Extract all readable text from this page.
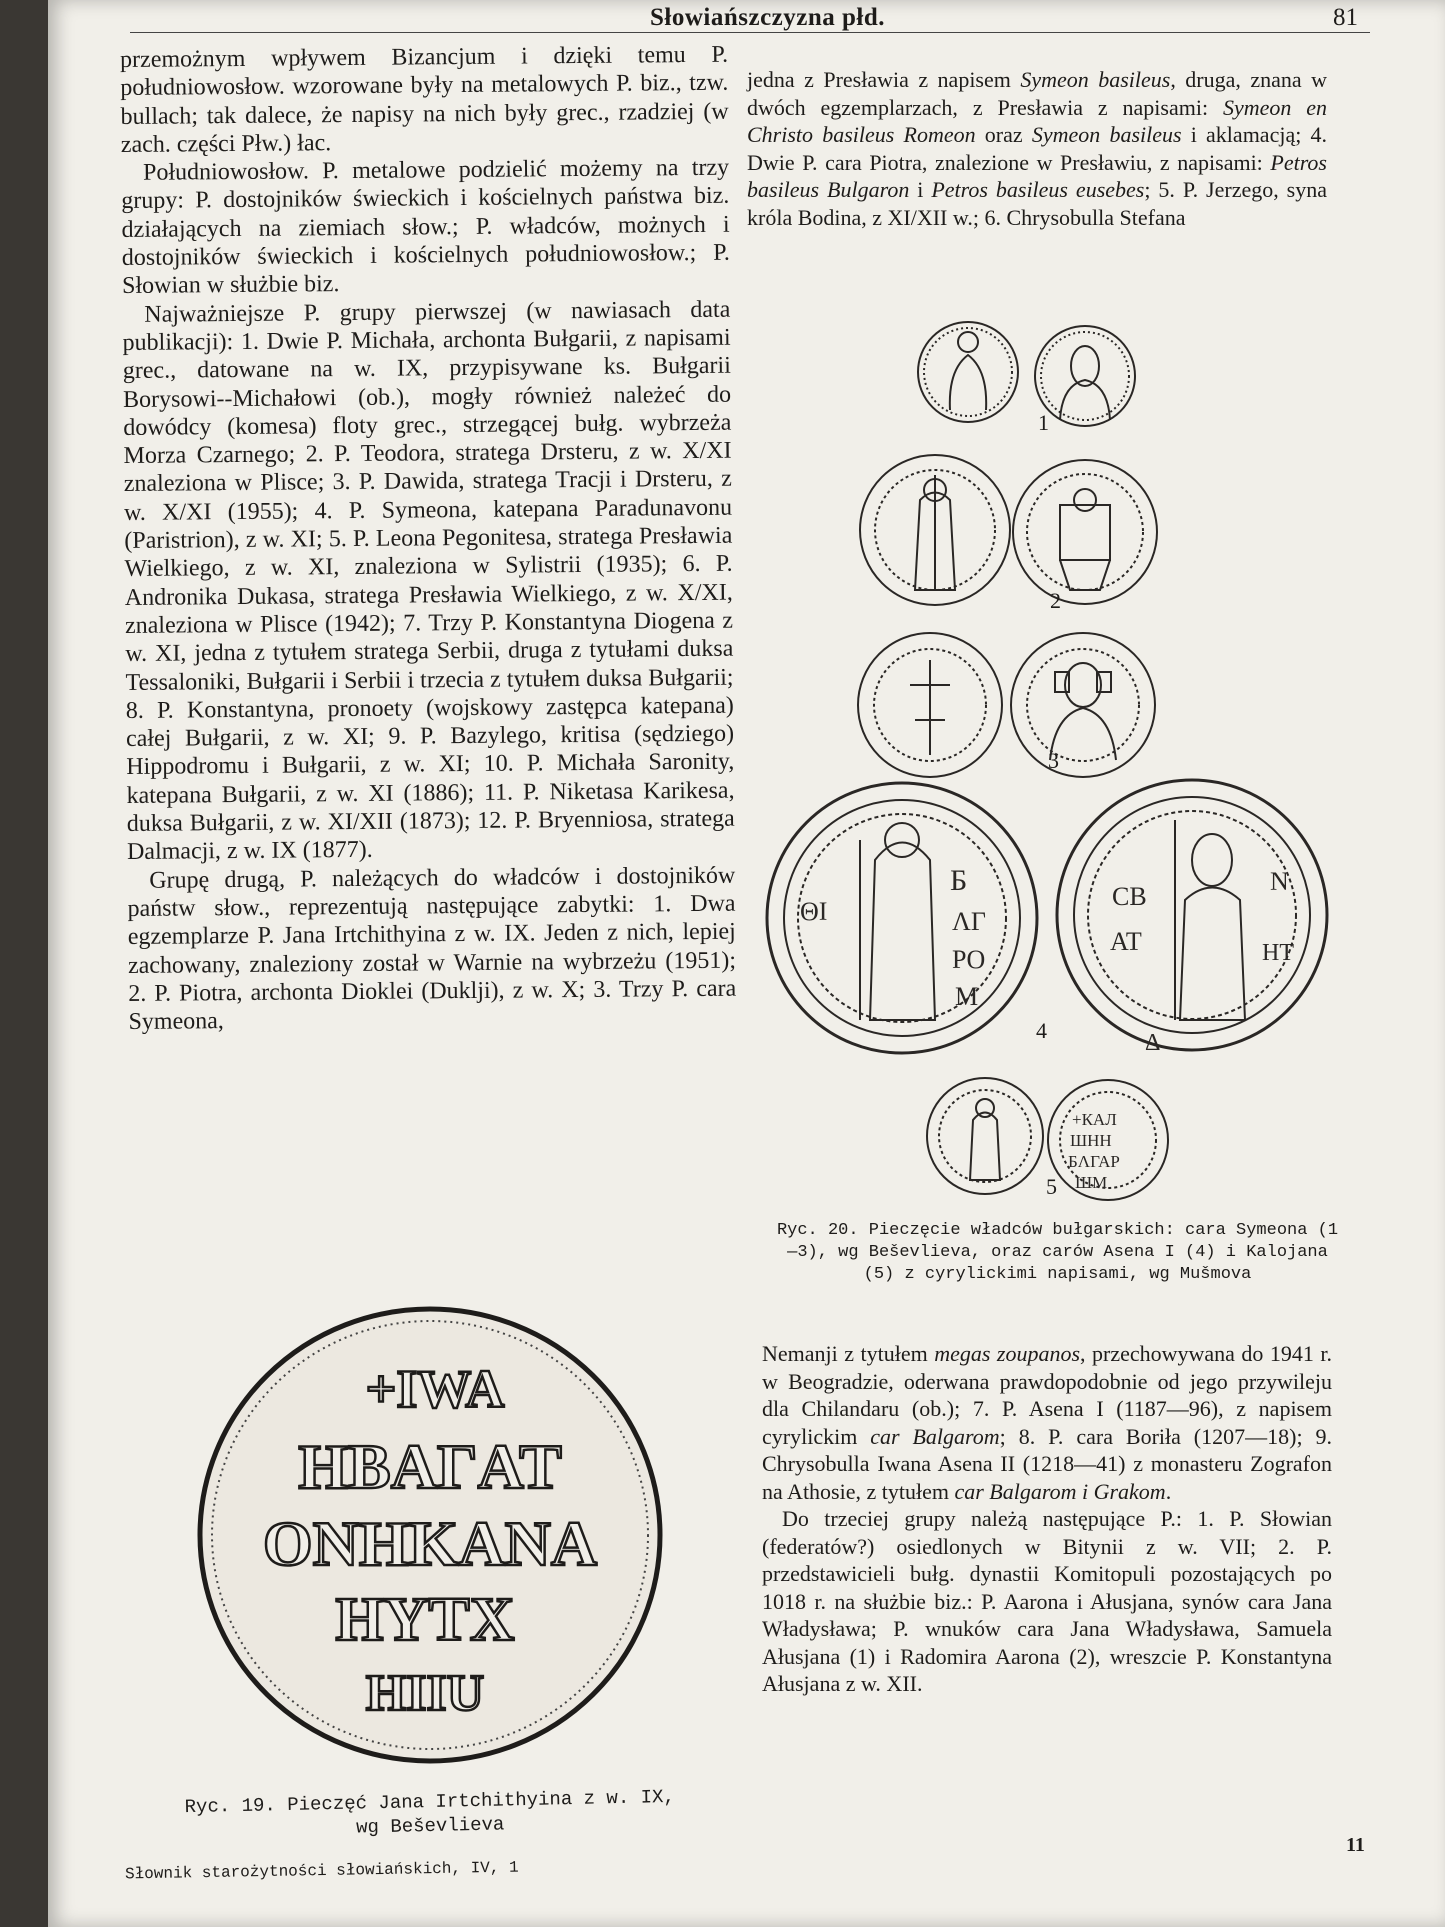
Słowiańszczyzna płd.	81

przemożnym wpływem Bizancjum i dzięki temu P. południowosłow. wzorowane były na metalowych P. biz., tzw. bullach; tak dalece, że napisy na nich były grec., rzadziej (w zach. części Płw.) łac.

Południowosłow. P. metalowe podzielić możemy na trzy grupy: P. dostojników świeckich i kościelnych państwa biz. działających na ziemiach słow.; P. władców, możnych i dostojników świeckich i kościelnych południowosłow.; P. Słowian w służbie biz.

Najważniejsze P. grupy pierwszej (w nawiasach data publikacji): 1. Dwie P. Michała, archonta Bułgarii, z napisami grec., datowane na w. IX, przypisywane ks. Bułgarii Borysowi--Michałowi (ob.), mogły również należeć do dowódcy (komesa) floty grec., strzegącej bułg. wybrzeża Morza Czarnego; 2. P. Teodora, stratega Drsteru, z w. X/XI znaleziona w Plisce; 3. P. Dawida, stratega Tracji i Drsteru, z w. X/XI (1955); 4. P. Symeona, katepana Paradunavonu (Paristrion), z w. XI; 5. P. Leona Pegonitesa, stratega Presławia Wielkiego, z w. XI, znaleziona w Sylistrii (1935); 6. P. Andronika Dukasa, stratega Presławia Wielkiego, z w. X/XI, znaleziona w Plisce (1942); 7. Trzy P. Konstantyna Diogena z w. XI, jedna z tytułem stratega Serbii, druga z tytułami duksa Tessaloniki, Bułgarii i Serbii i trzecia z tytułem duksa Bułgarii; 8. P. Konstantyna, pronoety (wojskowy zastępca katepana) całej Bułgarii, z w. XI; 9. P. Bazylego, kritisa (sędziego) Hippodromu i Bułgarii, z w. XI; 10. P. Michała Saronity, katepana Bułgarii, z w. XI (1886); 11. P. Niketasa Karikesa, duksa Bułgarii, z w. XI/XII (1873); 12. P. Bryenniosa, stratega Dalmacji, z w. IX (1877).

Grupę drugą, P. należących do władców i dostojników państw słow., reprezentują następujące zabytki: 1. Dwa egzemplarze P. Jana Irtchithyina z w. IX. Jeden z nich, lepiej zachowany, znaleziony został w Warnie na wybrzeżu (1951); 2. P. Piotra, archonta Dioklei (Duklji), z w. X; 3. Trzy P. cara Symeona,

jedna z Presławia z napisem Symeon basileus, druga, znana w dwóch egzemplarzach, z Presławia z napisami: Symeon en Christo basileus Romeon oraz Symeon basileus i aklamacją; 4. Dwie P. cara Piotra, znalezione w Presławiu, z napisami: Petros basileus Bulgaron i Petros basileus eusebes; 5. P. Jerzego, syna króla Bodina, z XI/XII w.; 6. Chrysobulla Stefana

ΘΙ
Б
ΛГ
ΡΟ
М
СВ
ΑΤ
Ν
ΗΤ
Δ
+КАЛ
ШΗΗ
БΛГАР
ШΜ
1
2
3
4
5
Ryc. 20. Pieczęcie władców bułgarskich: cara Symeona (1—3), wg Beševlieva, oraz carów Asena I (4) i Kalojana (5) z cyrylickimi napisami, wg Mušmova

Nemanji z tytułem megas zoupanos, przechowywana do 1941 r. w Beogradzie, oderwana prawdopodobnie od jego przywileju dla Chilandaru (ob.); 7. P. Asena I (1187—96), z napisem cyrylickim car Balgarom; 8. P. cara Boriła (1207—18); 9. Chrysobulla Iwana Asena II (1218—41) z monasteru Zografon na Athosie, z tytułem car Balgarom i Grakom.

Do trzeciej grupy należą następujące P.: 1. P. Słowian (federatów?) osiedlonych w Bitynii z w. VII; 2. P. przedstawicieli bułg. dynastii Komitopuli pozostających po 1018 r. na służbie biz.: P. Aarona i Ałusjana, synów cara Jana Władysława; P. wnuków cara Jana Władysława, Samuela Ałusjana (1) i Radomira Aarona (2), wreszcie P. Konstantyna Ałusjana z w. XII.

+IWA
HBAΓAT
ONHKANA
HYTX
HIIU
Ryc. 19. Pieczęć Jana Irtchithyina z w. IX, wg Beševlieva
Słownik starożytności słowiańskich, IV, 1
11
